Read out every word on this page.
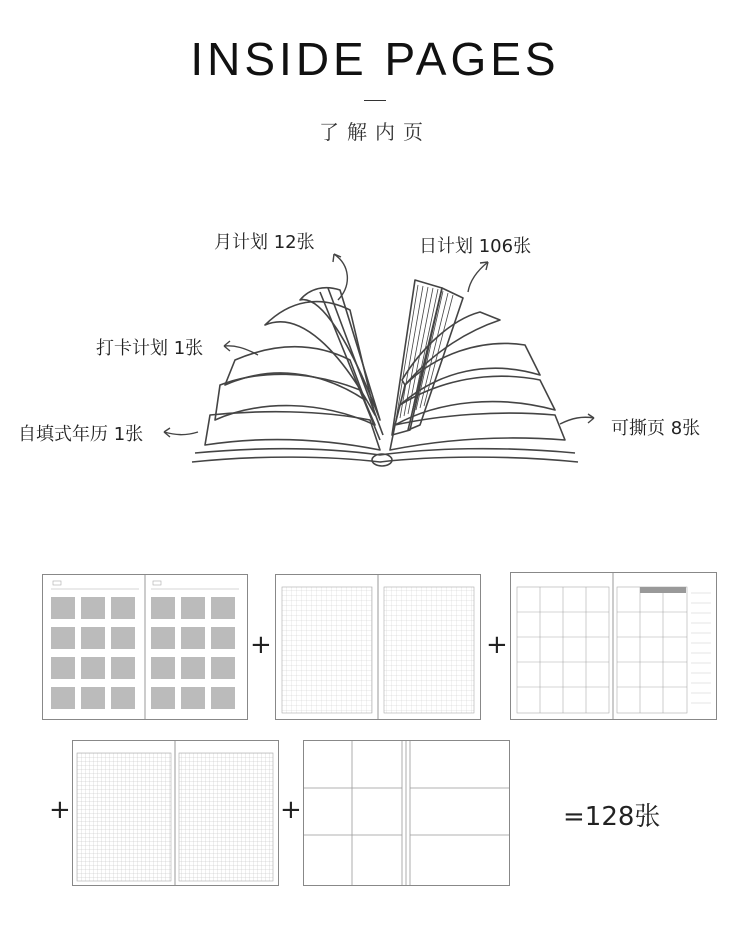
INSIDE PAGES
了解内页
月计划 12张	日计划 106张
打卡计划 1张
自填式年历 1张	可撕页 8张
+	+
+	+	=128张
